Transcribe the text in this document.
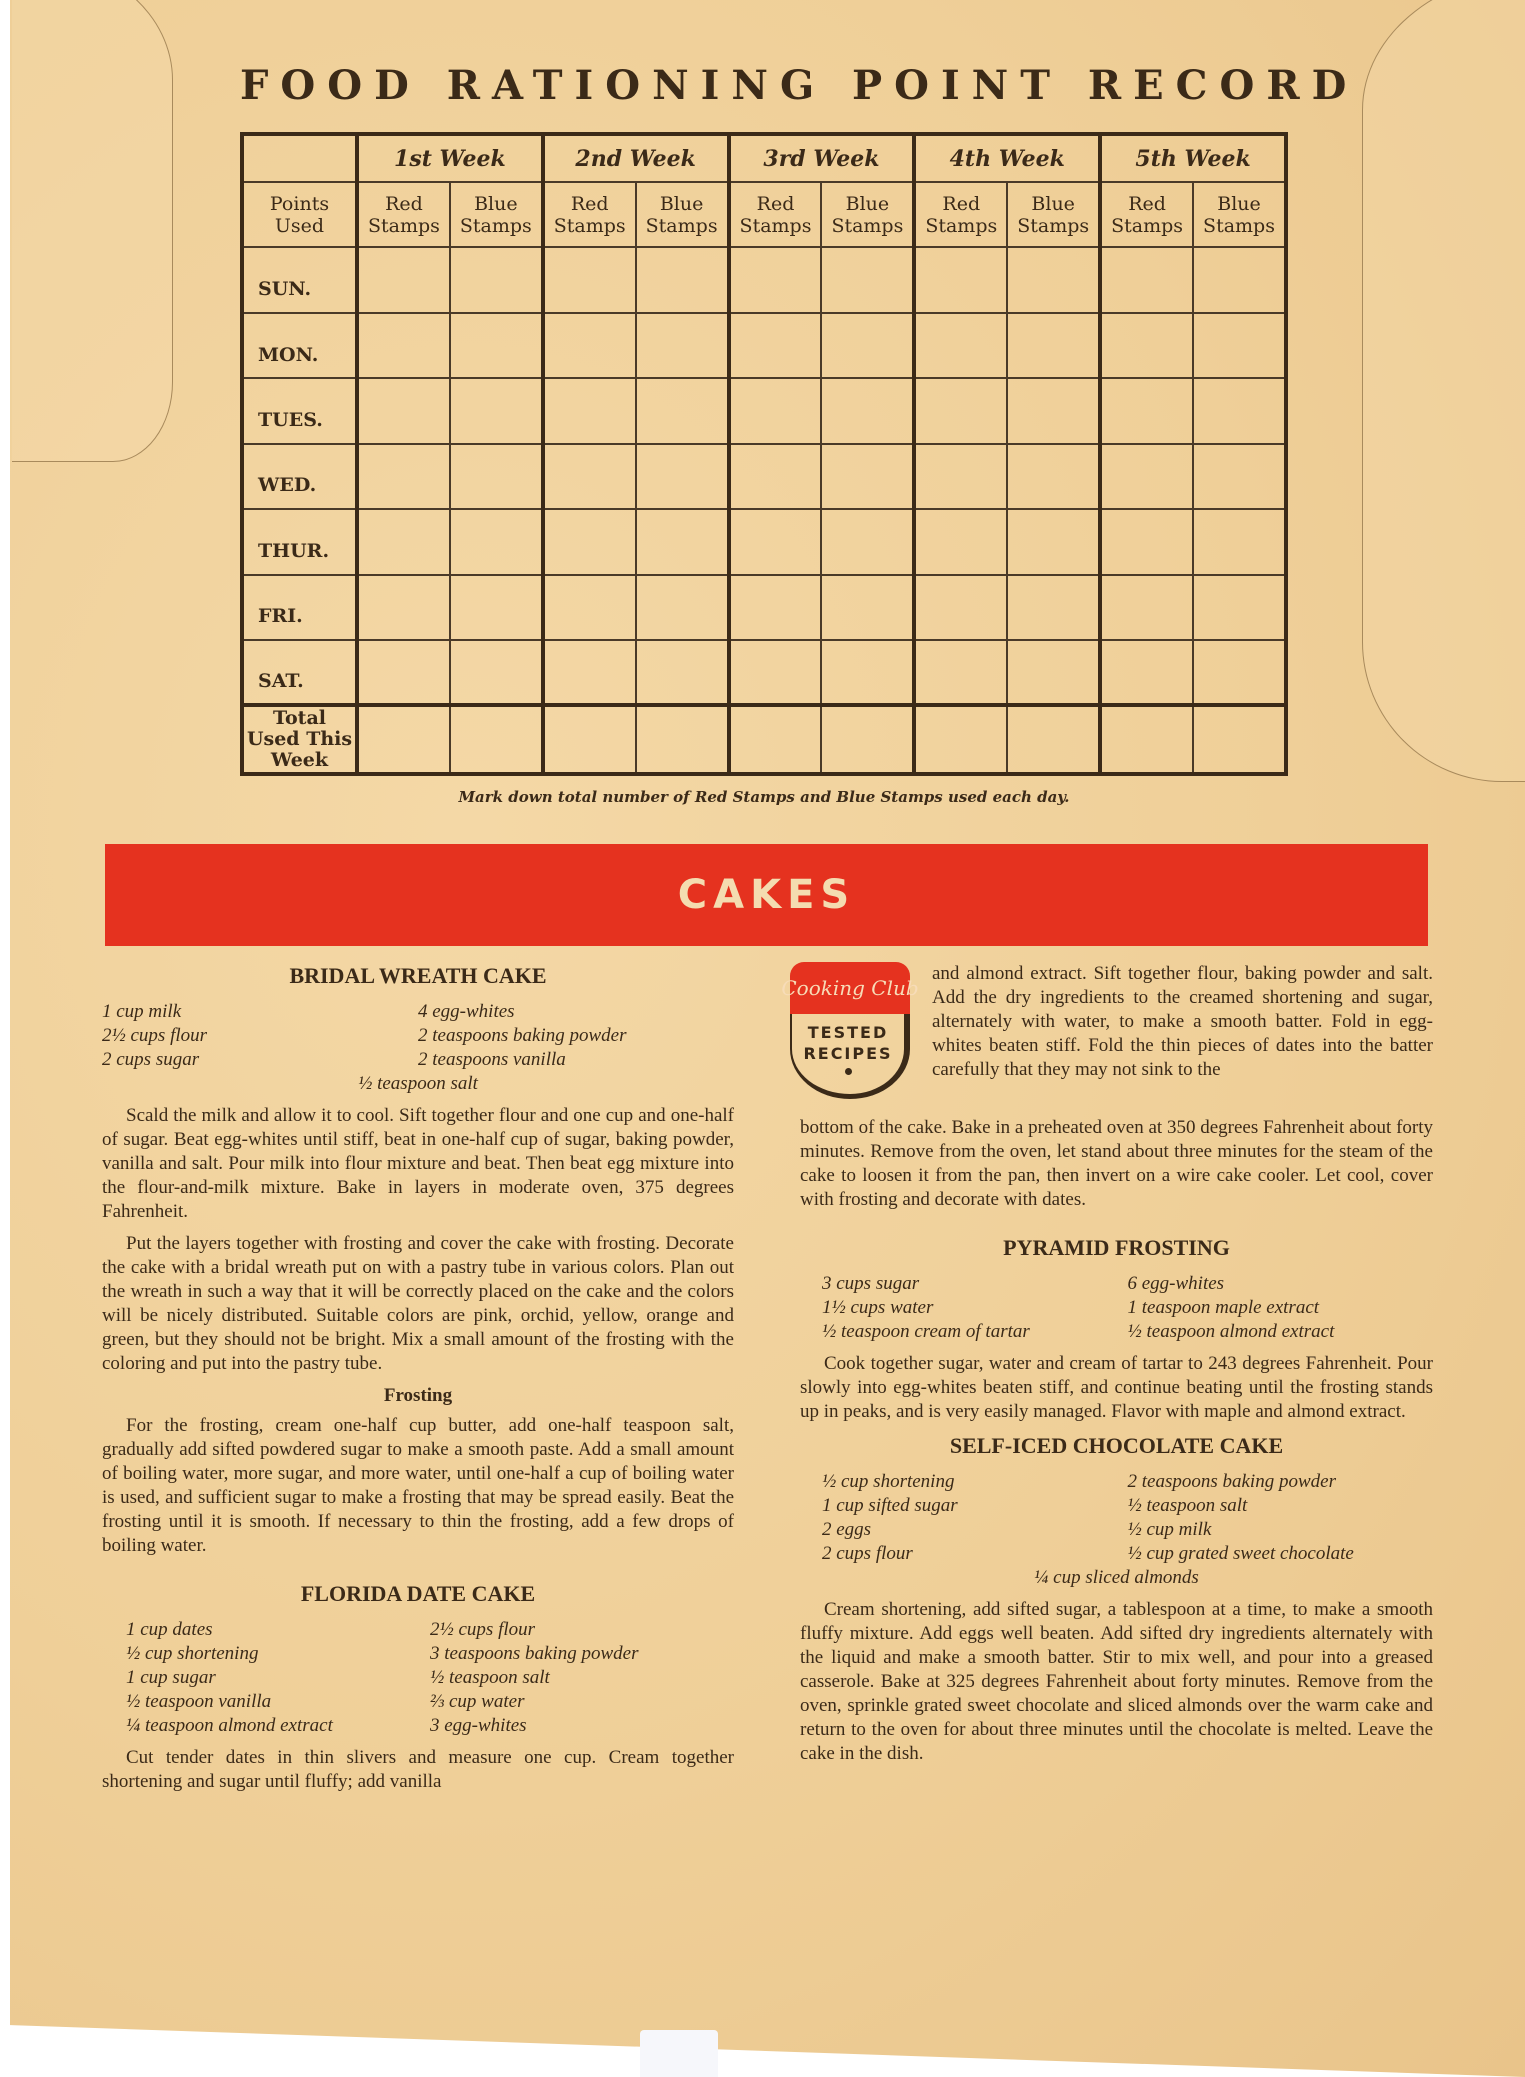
FOOD RATIONING POINT RECORD
	1st Week		2nd Week		3rd Week		4th Week		5th Week	
Points Used	Red Stamps	Blue Stamps	Red Stamps	Blue Stamps	Red Stamps	Blue Stamps	Red Stamps	Blue Stamps	Red Stamps	Blue Stamps
SUN.										
MON.										
TUES.										
WED.										
THUR.										
FRI.										
SAT.										
Total Used This Week										
Mark down total number of Red Stamps and Blue Stamps used each day.
CAKES
BRIDAL WREATH CAKE
1 cup milk
2½ cups flour
2 cups sugar
4 egg-whites
2 teaspoons baking powder
2 teaspoons vanilla
½ teaspoon salt

Scald the milk and allow it to cool. Sift together flour and one cup and one-half of sugar. Beat egg-whites until stiff, beat in one-half cup of sugar, baking powder, vanilla and salt. Pour milk into flour mixture and beat. Then beat egg mixture into the flour-and-milk mixture. Bake in layers in moderate oven, 375 degrees Fahrenheit.

Put the layers together with frosting and cover the cake with frosting. Decorate the cake with a bridal wreath put on with a pastry tube in various colors. Plan out the wreath in such a way that it will be correctly placed on the cake and the colors will be nicely distributed. Suitable colors are pink, orchid, yellow, orange and green, but they should not be bright. Mix a small amount of the frosting with the coloring and put into the pastry tube.

Frosting

For the frosting, cream one-half cup butter, add one-half teaspoon salt, gradually add sifted powdered sugar to make a smooth paste. Add a small amount of boiling water, more sugar, and more water, until one-half a cup of boiling water is used, and sufficient sugar to make a frosting that may be spread easily. Beat the frosting until it is smooth. If necessary to thin the frosting, add a few drops of boiling water.

FLORIDA DATE CAKE
1 cup dates
½ cup shortening
1 cup sugar
½ teaspoon vanilla
¼ teaspoon almond extract
2½ cups flour
3 teaspoons baking powder
½ teaspoon salt
⅔ cup water
3 egg-whites

Cut tender dates in thin slivers and measure one cup. Cream together shortening and sugar until fluffy; add vanilla

Cooking Club
TESTED
RECIPES

and almond extract. Sift together flour, baking powder and salt. Add the dry ingredients to the creamed shortening and sugar, alternately with water, to make a smooth batter. Fold in egg-whites beaten stiff. Fold the thin pieces of dates into the batter carefully that they may not sink to the

bottom of the cake. Bake in a preheated oven at 350 degrees Fahrenheit about forty minutes. Remove from the oven, let stand about three minutes for the steam of the cake to loosen it from the pan, then invert on a wire cake cooler. Let cool, cover with frosting and decorate with dates.

PYRAMID FROSTING
3 cups sugar
1½ cups water
½ teaspoon cream of tartar
6 egg-whites
1 teaspoon maple extract
½ teaspoon almond extract

Cook together sugar, water and cream of tartar to 243 degrees Fahrenheit. Pour slowly into egg-whites beaten stiff, and continue beating until the frosting stands up in peaks, and is very easily managed. Flavor with maple and almond extract.

SELF-ICED CHOCOLATE CAKE
½ cup shortening
1 cup sifted sugar
2 eggs
2 cups flour
2 teaspoons baking powder
½ teaspoon salt
½ cup milk
½ cup grated sweet chocolate
¼ cup sliced almonds

Cream shortening, add sifted sugar, a tablespoon at a time, to make a smooth fluffy mixture. Add eggs well beaten. Add sifted dry ingredients alternately with the liquid and make a smooth batter. Stir to mix well, and pour into a greased casserole. Bake at 325 degrees Fahrenheit about forty minutes. Remove from the oven, sprinkle grated sweet chocolate and sliced almonds over the warm cake and return to the oven for about three minutes until the chocolate is melted. Leave the cake in the dish.
